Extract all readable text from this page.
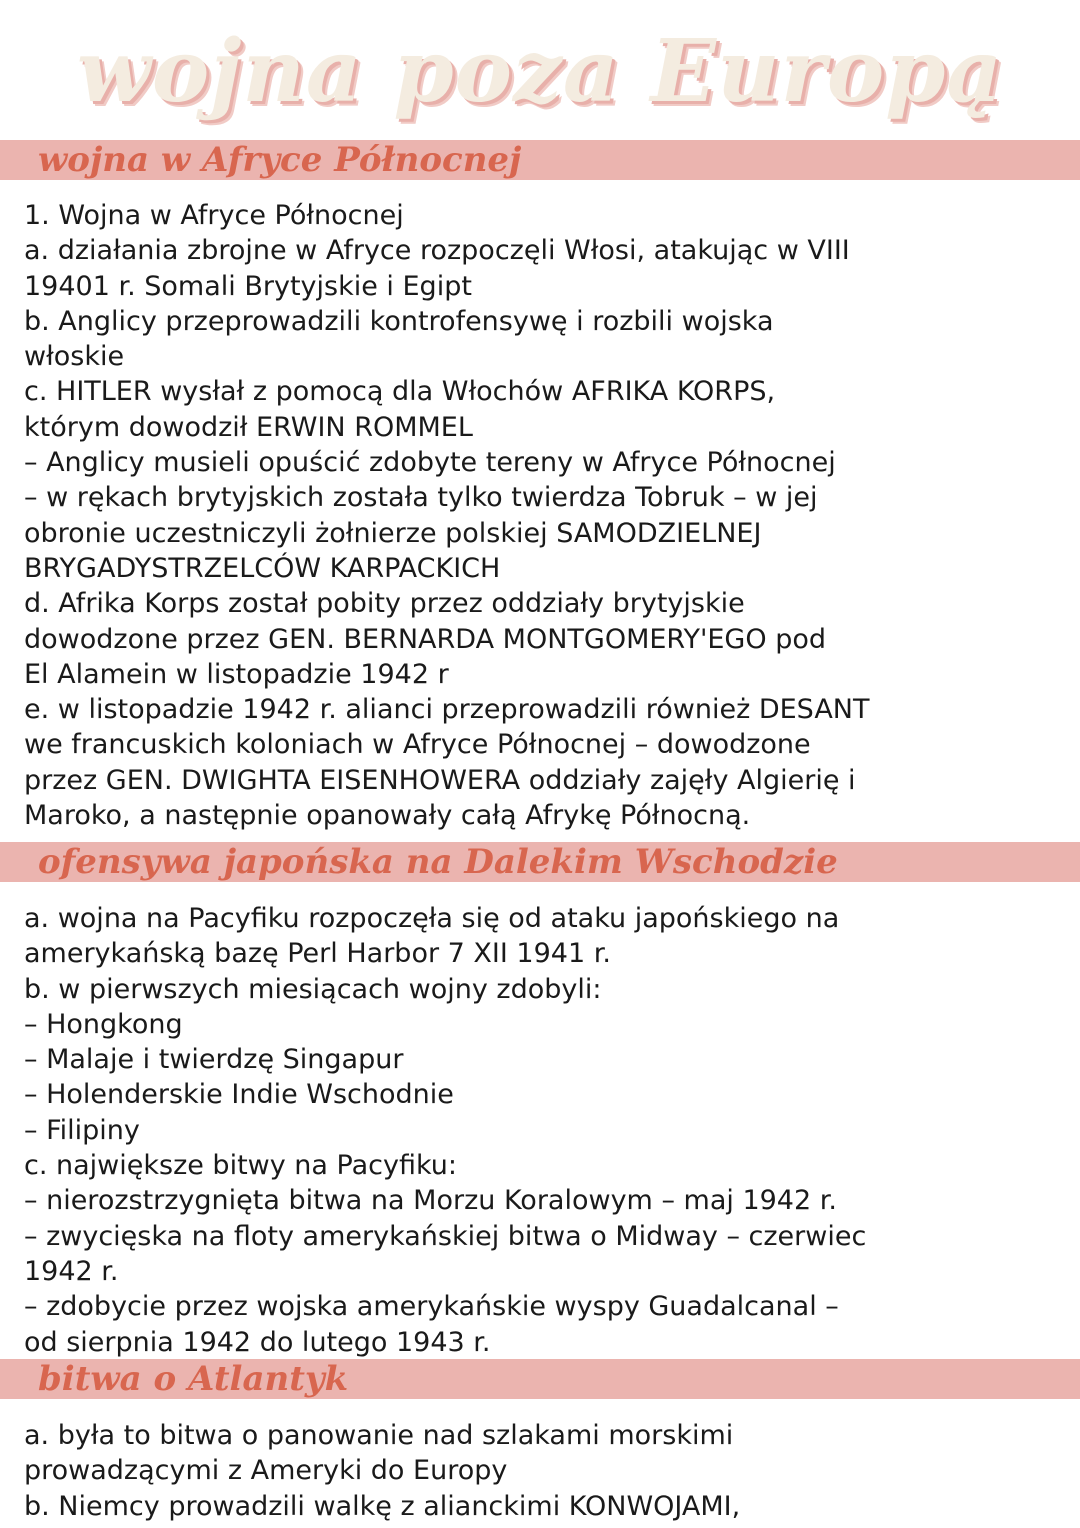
wojna poza Europą
wojna w Afryce Północnej
1. Wojna w Afryce Północnej
a. działania zbrojne w Afryce rozpoczęli Włosi, atakując w VIII
19401 r. Somali Brytyjskie i Egipt
b. Anglicy przeprowadzili kontrofensywę i rozbili wojska
włoskie
c. HITLER wysłał z pomocą dla Włochów AFRIKA KORPS,
którym dowodził ERWIN ROMMEL
– Anglicy musieli opuścić zdobyte tereny w Afryce Północnej
– w rękach brytyjskich została tylko twierdza Tobruk – w jej
obronie uczestniczyli żołnierze polskiej SAMODZIELNEJ
BRYGADYSTRZELCÓW KARPACKICH
d. Afrika Korps został pobity przez oddziały brytyjskie
dowodzone przez GEN. BERNARDA MONTGOMERY'EGO pod
El Alamein w listopadzie 1942 r
e. w listopadzie 1942 r. alianci przeprowadzili również DESANT
we francuskich koloniach w Afryce Północnej – dowodzone
przez GEN. DWIGHTA EISENHOWERA oddziały zajęły Algierię i
Maroko, a następnie opanowały całą Afrykę Północną.
ofensywa japońska na Dalekim Wschodzie
a. wojna na Pacyfiku rozpoczęła się od ataku japońskiego na
amerykańską bazę Perl Harbor 7 XII 1941 r.
b. w pierwszych miesiącach wojny zdobyli:
– Hongkong
– Malaje i twierdzę Singapur
– Holenderskie Indie Wschodnie
– Filipiny
c. największe bitwy na Pacyfiku:
– nierozstrzygnięta bitwa na Morzu Koralowym – maj 1942 r.
– zwycięska na floty amerykańskiej bitwa o Midway – czerwiec
1942 r.
– zdobycie przez wojska amerykańskie wyspy Guadalcanal –
od sierpnia 1942 do lutego 1943 r.
bitwa o Atlantyk
a. była to bitwa o panowanie nad szlakami morskimi
prowadzącymi z Ameryki do Europy
b. Niemcy prowadzili walkę z alianckimi KONWOJAMI,
